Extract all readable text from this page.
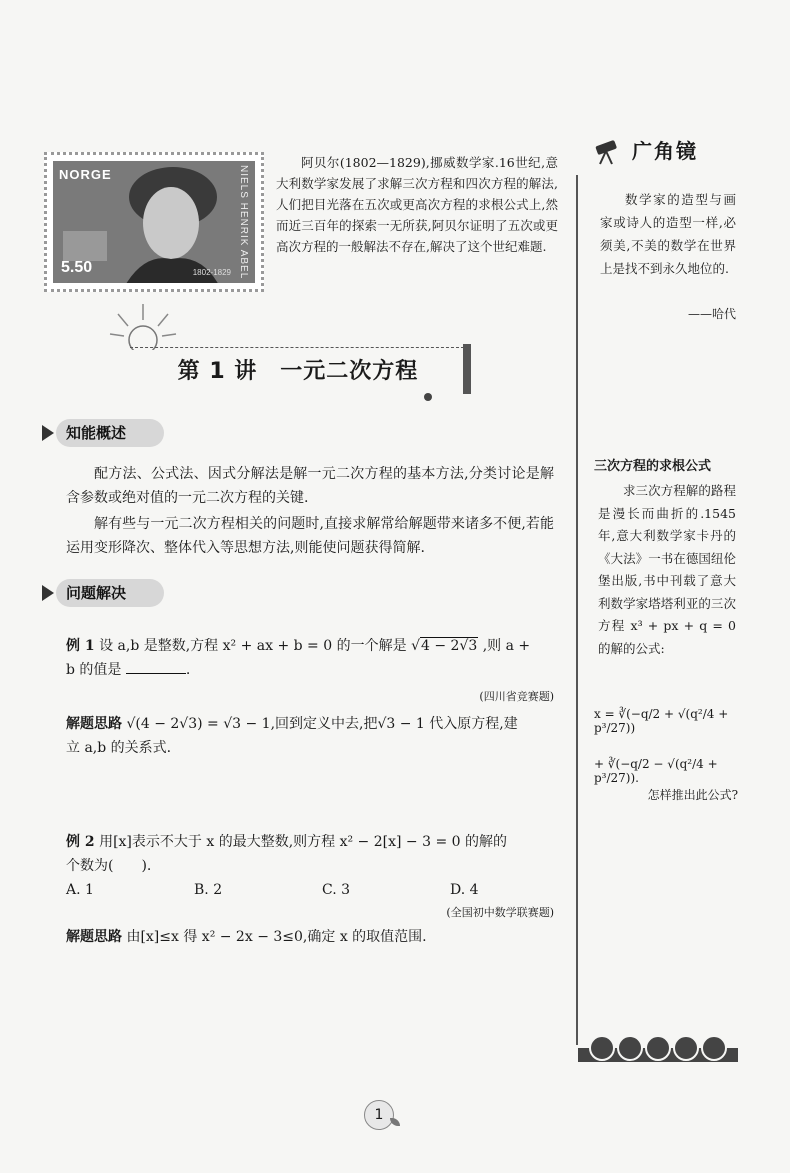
NORGE
5.50	NIELS HENRIK ABEL
1802-1829
阿贝尔(1802—1829),挪威数学家.16世纪,意大利数学家发展了求解三次方程和四次方程的解法,人们把目光落在五次或更高次方程的求根公式上,然而近三百年的探索一无所获,阿贝尔证明了五次或更高次方程的一般解法不存在,解决了这个世纪难题.
第 1 讲　一元二次方程
知能概述
配方法、公式法、因式分解法是解一元二次方程的基本方法,分类讨论是解含参数或绝对值的一元二次方程的关键.
解有些与一元二次方程相关的问题时,直接求解常给解题带来诸多不便,若能运用变形降次、整体代入等思想方法,则能使问题获得简解.
问题解决
例 1 设 a,b 是整数,方程 x² + ax + b = 0 的一个解是 √4 − 2√3 ,则 a +
b 的值是	.
(四川省竞赛题)
解题思路 √(4 − 2√3) = √3 − 1,回到定义中去,把√3 − 1 代入原方程,建
立 a,b 的关系式.
例 2 用[x]表示不大于 x 的最大整数,则方程 x² − 2[x] − 3 = 0 的解的
个数为(　　).
A. 1	B. 2	C. 3	D. 4
(全国初中数学联赛题)
解题思路 由[x]≤x 得 x² − 2x − 3≤0,确定 x 的取值范围.
广角镜
数学家的造型与画家或诗人的造型一样,必须美,不美的数学在世界上是找不到永久地位的.
——哈代
三次方程的求根公式
求三次方程解的路程是漫长而曲折的.1545 年,意大利数学家卡丹的《大法》一书在德国纽伦堡出版,书中刊载了意大利数学家塔塔利亚的三次方程 x³ + px + q = 0 的解的公式:
x = ∛(−q/2 + √(q²/4 + p³/27))
+ ∛(−q/2 − √(q²/4 + p³/27)).
怎样推出此公式?
1
